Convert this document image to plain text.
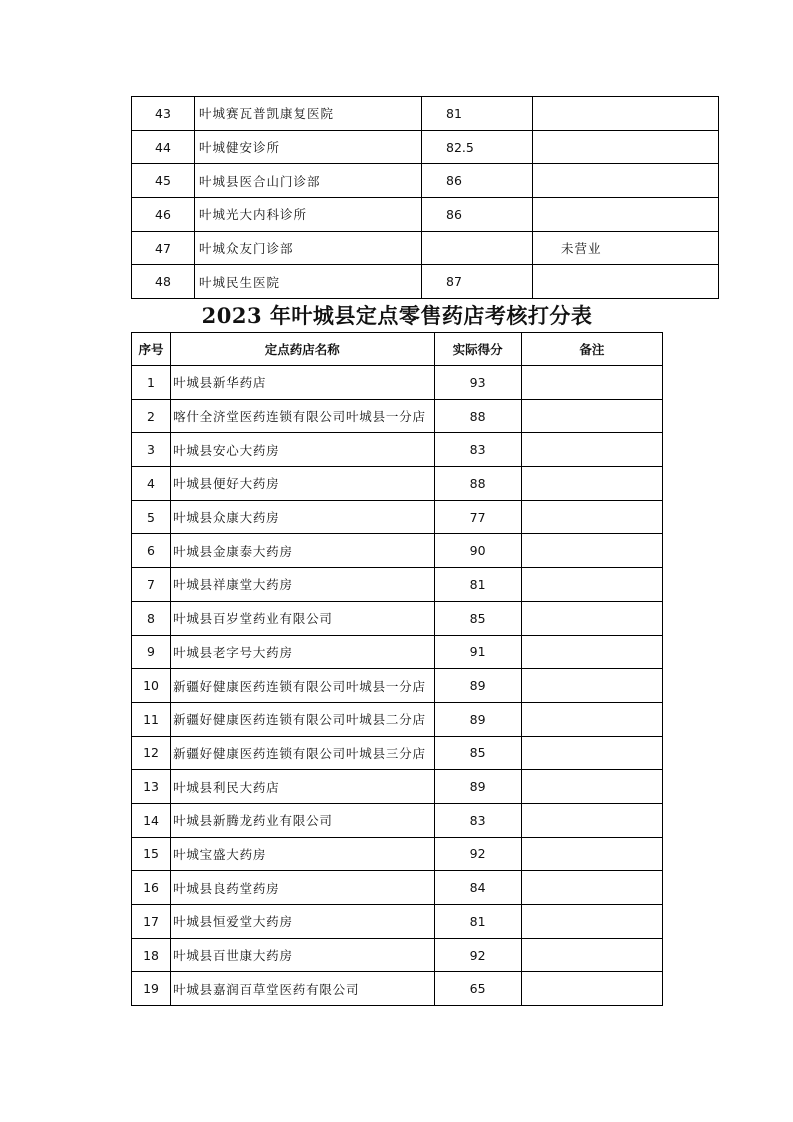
43	叶城赛瓦普凯康复医院	81	
44	叶城健安诊所	82.5	
45	叶城县医合山门诊部	86	
46	叶城光大内科诊所	86	
47	叶城众友门诊部		未营业
48	叶城民生医院	87	
2023 年叶城县定点零售药店考核打分表
序号	定点药店名称	实际得分	备注
1	叶城县新华药店	93	
2	喀什全济堂医药连锁有限公司叶城县一分店	88	
3	叶城县安心大药房	83	
4	叶城县便好大药房	88	
5	叶城县众康大药房	77	
6	叶城县金康泰大药房	90	
7	叶城县祥康堂大药房	81	
8	叶城县百岁堂药业有限公司	85	
9	叶城县老字号大药房	91	
10	新疆好健康医药连锁有限公司叶城县一分店	89	
11	新疆好健康医药连锁有限公司叶城县二分店	89	
12	新疆好健康医药连锁有限公司叶城县三分店	85	
13	叶城县利民大药店	89	
14	叶城县新腾龙药业有限公司	83	
15	叶城宝盛大药房	92	
16	叶城县良药堂药房	84	
17	叶城县恒爱堂大药房	81	
18	叶城县百世康大药房	92	
19	叶城县嘉润百草堂医药有限公司	65	
